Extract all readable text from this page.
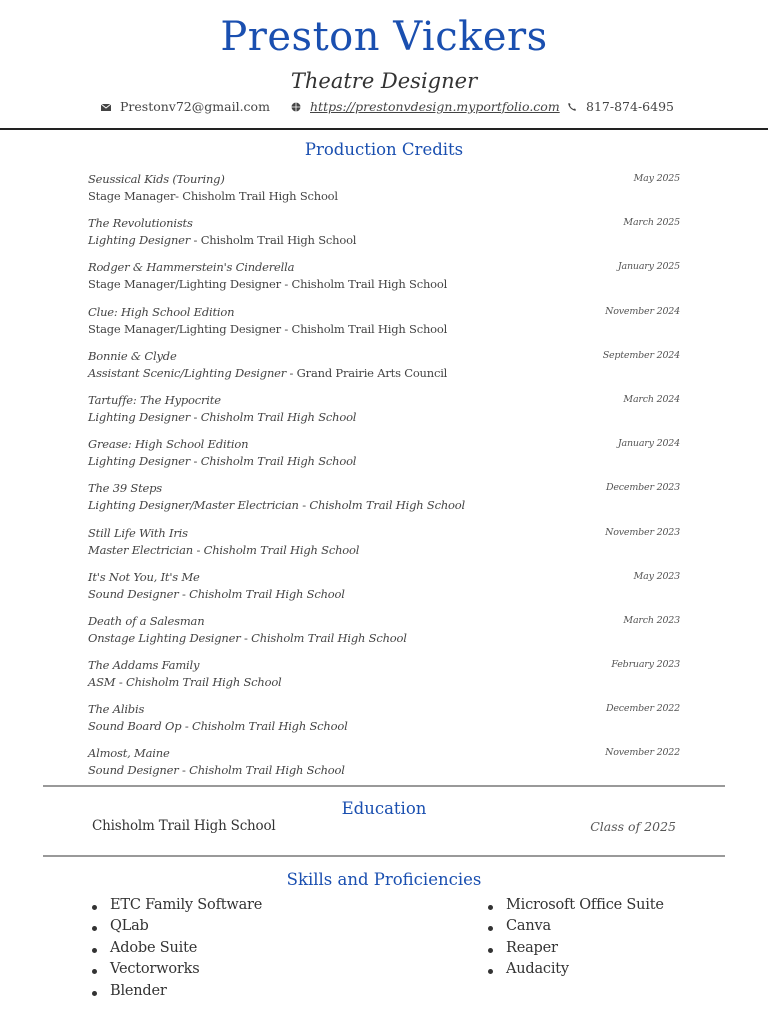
Preston Vickers
Theatre Designer
Prestonv72@gmail.com	https://prestonvdesign.myportfolio.com 817-874-6495
Production Credits
Seussical Kids (Touring)	May 2025
Stage Manager- Chisholm Trail High School
The Revolutionists	March 2025
Lighting Designer - Chisholm Trail High School
Rodger & Hammerstein's Cinderella	January 2025
Stage Manager/Lighting Designer - Chisholm Trail High School
Clue: High School Edition	November 2024
Stage Manager/Lighting Designer - Chisholm Trail High School
Bonnie & Clyde	September 2024
Assistant Scenic/Lighting Designer - Grand Prairie Arts Council
Tartuffe: The Hypocrite	March 2024
Lighting Designer - Chisholm Trail High School
Grease: High School Edition	January 2024
Lighting Designer - Chisholm Trail High School
The 39 Steps	December 2023
Lighting Designer/Master Electrician - Chisholm Trail High School
Still Life With Iris	November 2023
Master Electrician - Chisholm Trail High School
It's Not You, It's Me	May 2023
Sound Designer - Chisholm Trail High School
Death of a Salesman	March 2023
Onstage Lighting Designer - Chisholm Trail High School
The Addams Family	February 2023
ASM - Chisholm Trail High School
The Alibis	December 2022
Sound Board Op - Chisholm Trail High School
Almost, Maine	November 2022
Sound Designer - Chisholm Trail High School
Education
Chisholm Trail High School	Class of 2025
Skills and Proficiencies
ETC Family Software
QLab
Adobe Suite
Vectorworks
Blender
Microsoft Office Suite
Canva
Reaper
Audacity
